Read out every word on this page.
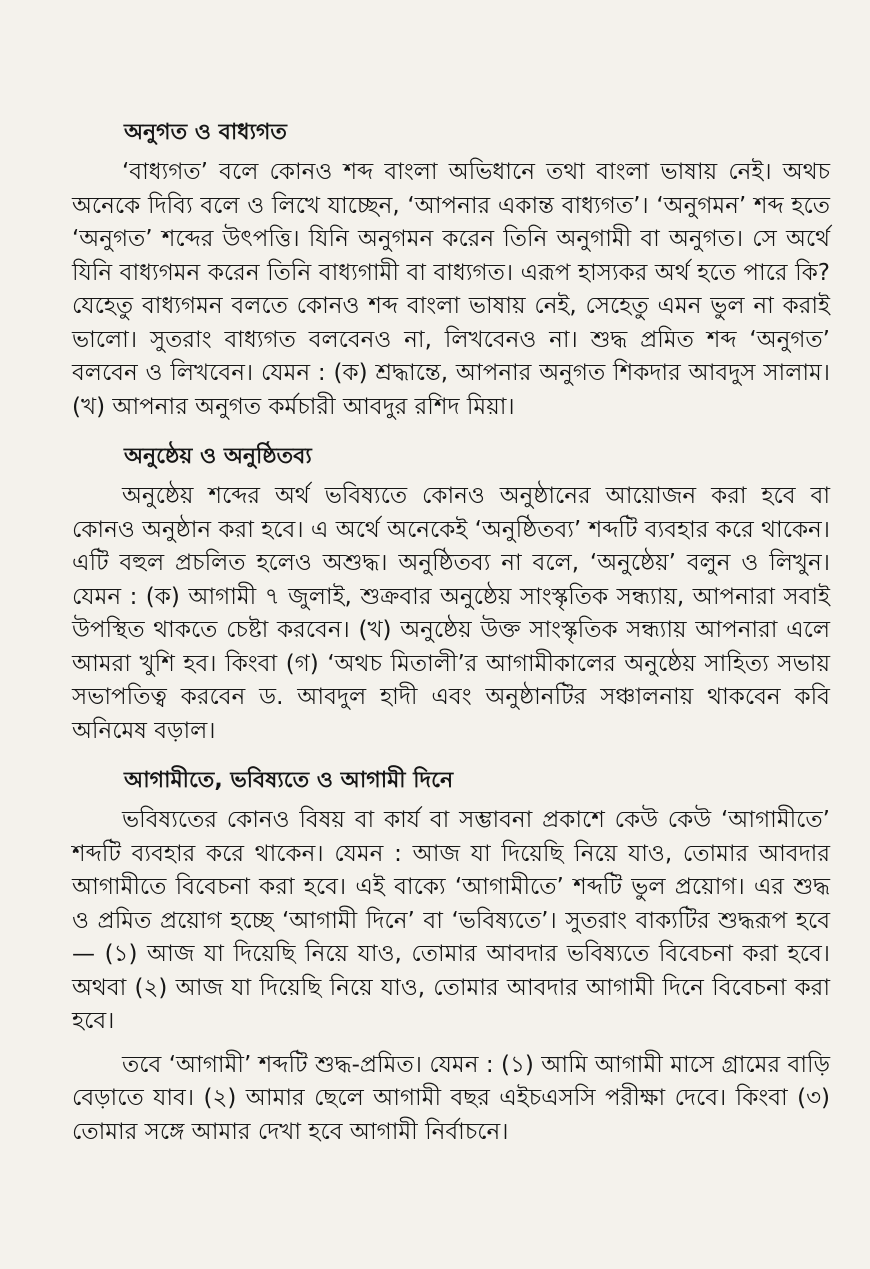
অনুগত ও বাধ্যগত

‘বাধ্যগত’ বলে কোনও শব্দ বাংলা অভিধানে তথা বাংলা ভাষায় নেই। অথচ অনেকে দিব্যি বলে ও লিখে যাচ্ছেন, ‘আপনার একান্ত বাধ্যগত’। ‘অনুগমন’ শব্দ হতে ‘অনুগত’ শব্দের উৎপত্তি। যিনি অনুগমন করেন তিনি অনুগামী বা অনুগত। সে অর্থে যিনি বাধ্যগমন করেন তিনি বাধ্যগামী বা বাধ্যগত। এরূপ হাস্যকর অর্থ হতে পারে কি? যেহেতু বাধ্যগমন বলতে কোনও শব্দ বাংলা ভাষায় নেই, সেহেতু এমন ভুল না করাই ভালো। সুতরাং বাধ্যগত বলবেনও না, লিখবেনও না। শুদ্ধ প্রমিত শব্দ ‘অনুগত’ বলবেন ও লিখবেন। যেমন : (ক) শ্রদ্ধান্তে, আপনার অনুগত শিকদার আবদুস সালাম। (খ) আপনার অনুগত কর্মচারী আবদুর রশিদ মিয়া।

অনুষ্ঠেয় ও অনুষ্ঠিতব্য

অনুষ্ঠেয় শব্দের অর্থ ভবিষ্যতে কোনও অনুষ্ঠানের আয়োজন করা হবে বা কোনও অনুষ্ঠান করা হবে। এ অর্থে অনেকেই ‘অনুষ্ঠিতব্য’ শব্দটি ব্যবহার করে থাকেন। এটি বহুল প্রচলিত হলেও অশুদ্ধ। অনুষ্ঠিতব্য না বলে, ‘অনুষ্ঠেয়’ বলুন ও লিখুন। যেমন : (ক) আগামী ৭ জুলাই, শুক্রবার অনুষ্ঠেয় সাংস্কৃতিক সন্ধ্যায়, আপনারা সবাই উপস্থিত থাকতে চেষ্টা করবেন। (খ) অনুষ্ঠেয় উক্ত সাংস্কৃতিক সন্ধ্যায় আপনারা এলে আমরা খুশি হব। কিংবা (গ) ‘অথচ মিতালী’র আগামীকালের অনুষ্ঠেয় সাহিত্য সভায় সভাপতিত্ব করবেন ড. আবদুল হাদী এবং অনুষ্ঠানটির সঞ্চালনায় থাকবেন কবি অনিমেষ বড়াল।

আগামীতে, ভবিষ্যতে ও আগামী দিনে

ভবিষ্যতের কোনও বিষয় বা কার্য বা সম্ভাবনা প্রকাশে কেউ কেউ ‘আগামীতে’ শব্দটি ব্যবহার করে থাকেন। যেমন : আজ যা দিয়েছি নিয়ে যাও, তোমার আবদার আগামীতে বিবেচনা করা হবে। এই বাক্যে ‘আগামীতে’ শব্দটি ভুল প্রয়োগ। এর শুদ্ধ ও প্রমিত প্রয়োগ হচ্ছে ‘আগামী দিনে’ বা ‘ভবিষ্যতে’। সুতরাং বাক্যটির শুদ্ধরূপ হবে— (১) আজ যা দিয়েছি নিয়ে যাও, তোমার আবদার ভবিষ্যতে বিবেচনা করা হবে। অথবা (২) আজ যা দিয়েছি নিয়ে যাও, তোমার আবদার আগামী দিনে বিবেচনা করা হবে।

তবে ‘আগামী’ শব্দটি শুদ্ধ-প্রমিত। যেমন : (১) আমি আগামী মাসে গ্রামের বাড়ি বেড়াতে যাব। (২) আমার ছেলে আগামী বছর এইচএসসি পরীক্ষা দেবে। কিংবা (৩) তোমার সঙ্গে আমার দেখা হবে আগামী নির্বাচনে।
